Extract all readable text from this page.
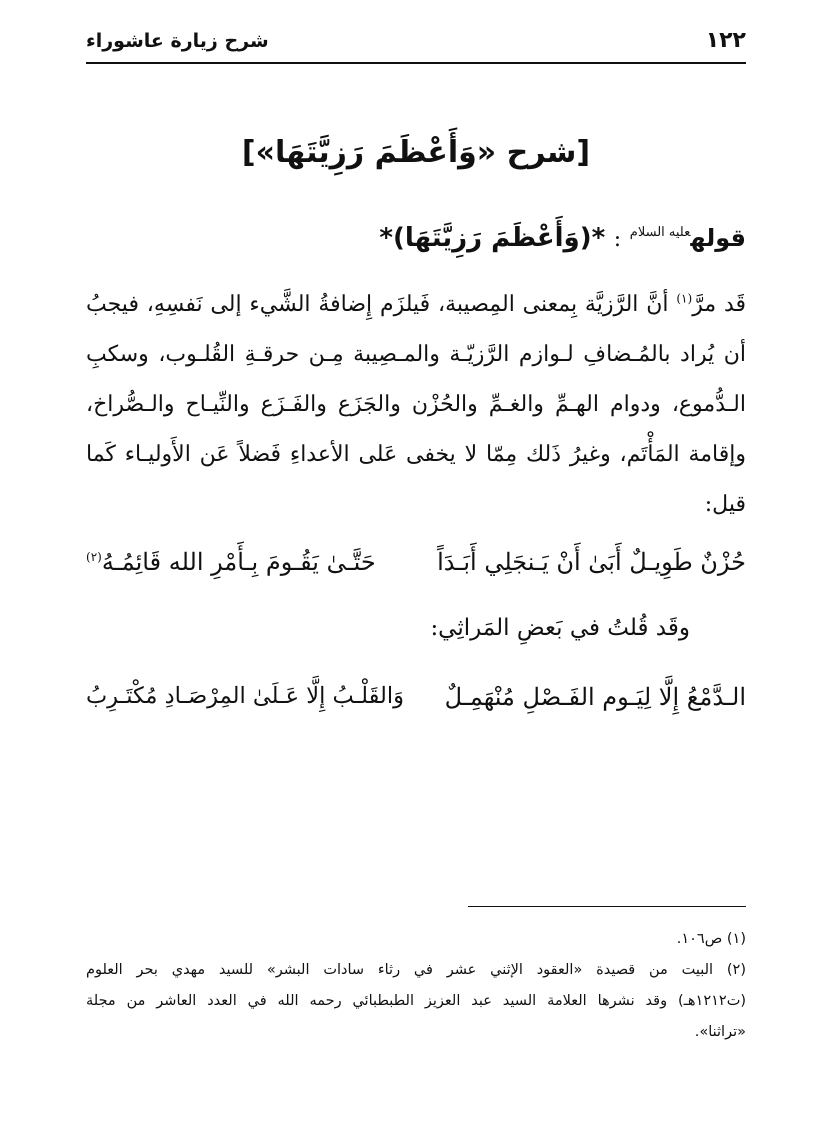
شرح زيارة عاشوراء	١٢٢
[شرح «وَأَعْظَمَ رَزِيَّتَهَا»]
قوله$^{عليه السلام}$ : *(وَأَعْظَمَ رَزِيَّتَهَا)*
قَد مرَّ$^{(١)}$ أنَّ الرَّزيَّة بِمعنى المِصيبة، فَيلزَم إِضافةُ الشَّيء إلى نَفسِهِ، فيجبُ
أن يُراد بالمُـضافِ لـوازم الرَّزيّـة والمـصِيبة مِـن حرقـةِ القُلـوب، وسكبِ
الـدُّموع، ودوام الهـمِّ والغـمِّ والحُزْن والجَزَع والفَـزَع والنِّيـاح والـصُّراخ،
وإقامة المَأْتَم، وغيرُ ذَلك مِمّا لا يخفى عَلى الأعداءِ فَضلاً عَن الأَوليـاء كَما
قيل:
حُزْنٌ طَوِيـلٌ أَبَىٰ أَنْ يَـنجَلِي أَبَـدَاً
حَتَّـىٰ يَقُـومَ بِـأَمْرِ الله قَائِمُـهُ$^{(٢)}$
وقَد قُلتُ في بَعضِ المَراثِي:
الـدَّمْعُ إِلَّا لِيَـوم الفَـصْلِ مُنْهَمِـلٌ
وَالقَلْـبُ إِلَّا عَـلَىٰ المِرْصَـادِ مُكْتَـرِبُ
(١) ص١٠٦.
(٢) البيت من قصيدة «العقود الإثني عشر في رثاء سادات البشر» للسيد مهدي بحر العلوم
(ت١٢١٢هـ) وقد نشرها العلامة السيد عبد العزيز الطبطبائي رحمه الله في العدد العاشر من مجلة
«تراثنا».
